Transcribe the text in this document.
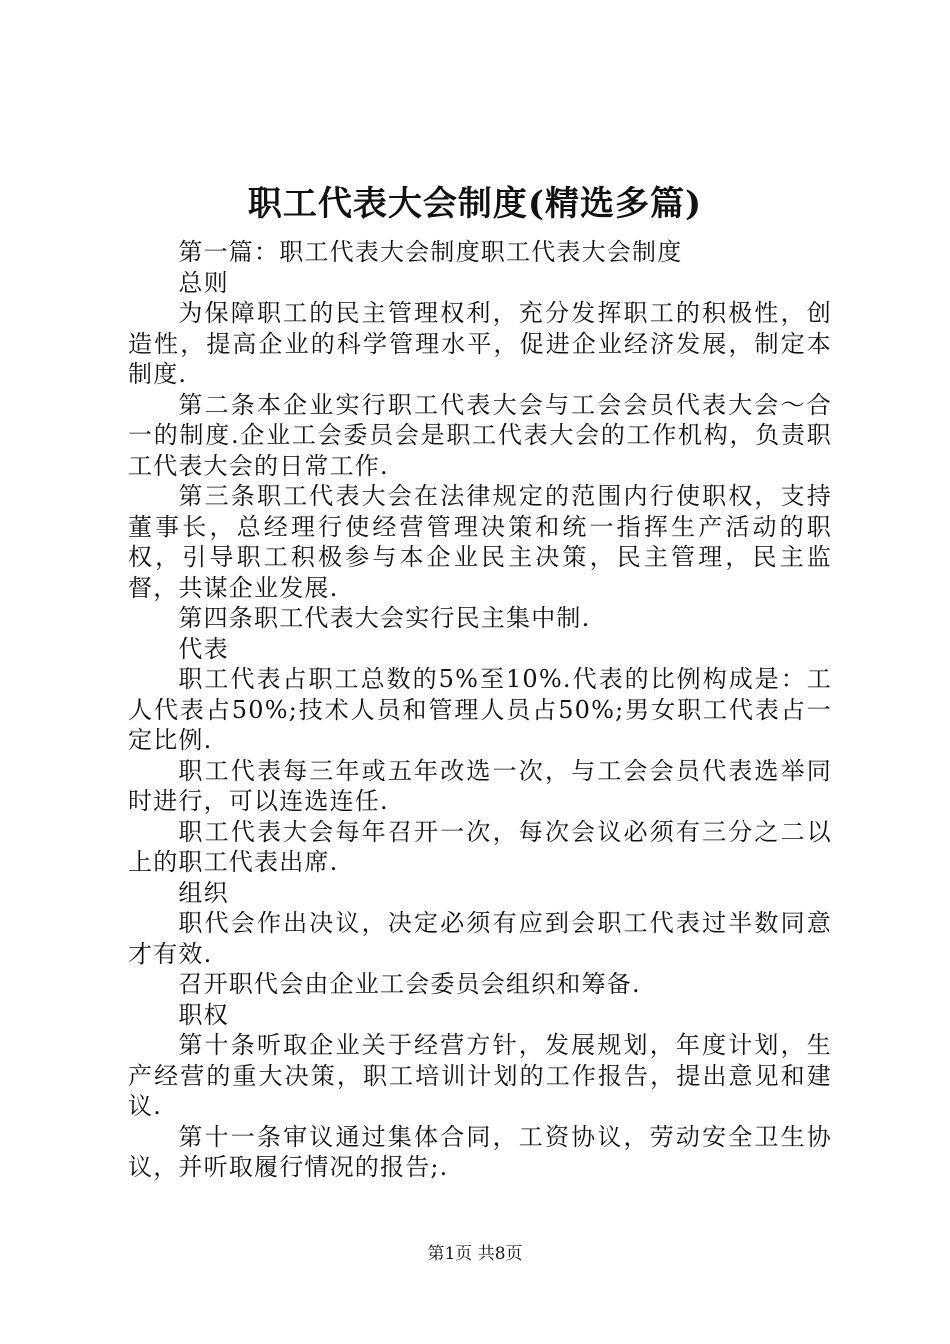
职工代表大会制度(精选多篇)

第一篇：职工代表大会制度职工代表大会制度

总则

为保障职工的民主管理权利，充分发挥职工的积极性，创造性，提高企业的科学管理水平，促进企业经济发展，制定本制度.

第二条本企业实行职工代表大会与工会会员代表大会～合一的制度.企业工会委员会是职工代表大会的工作机构，负责职工代表大会的日常工作.

第三条职工代表大会在法律规定的范围内行使职权，支持董事长，总经理行使经营管理决策和统一指挥生产活动的职权，引导职工积极参与本企业民主决策，民主管理，民主监督，共谋企业发展.

第四条职工代表大会实行民主集中制.

代表

职工代表占职工总数的5%至10%.代表的比例构成是：工人代表占50%;技术人员和管理人员占50%;男女职工代表占一定比例.

职工代表每三年或五年改选一次，与工会会员代表选举同时进行，可以连选连任.

职工代表大会每年召开一次，每次会议必须有三分之二以上的职工代表出席.

组织

职代会作出决议，决定必须有应到会职工代表过半数同意才有效.

召开职代会由企业工会委员会组织和筹备.

职权

第十条听取企业关于经营方针，发展规划，年度计划，生产经营的重大决策，职工培训计划的工作报告，提出意见和建议.

第十一条审议通过集体合同，工资协议，劳动安全卫生协议，并听取履行情况的报告;.

第1页 共8页
